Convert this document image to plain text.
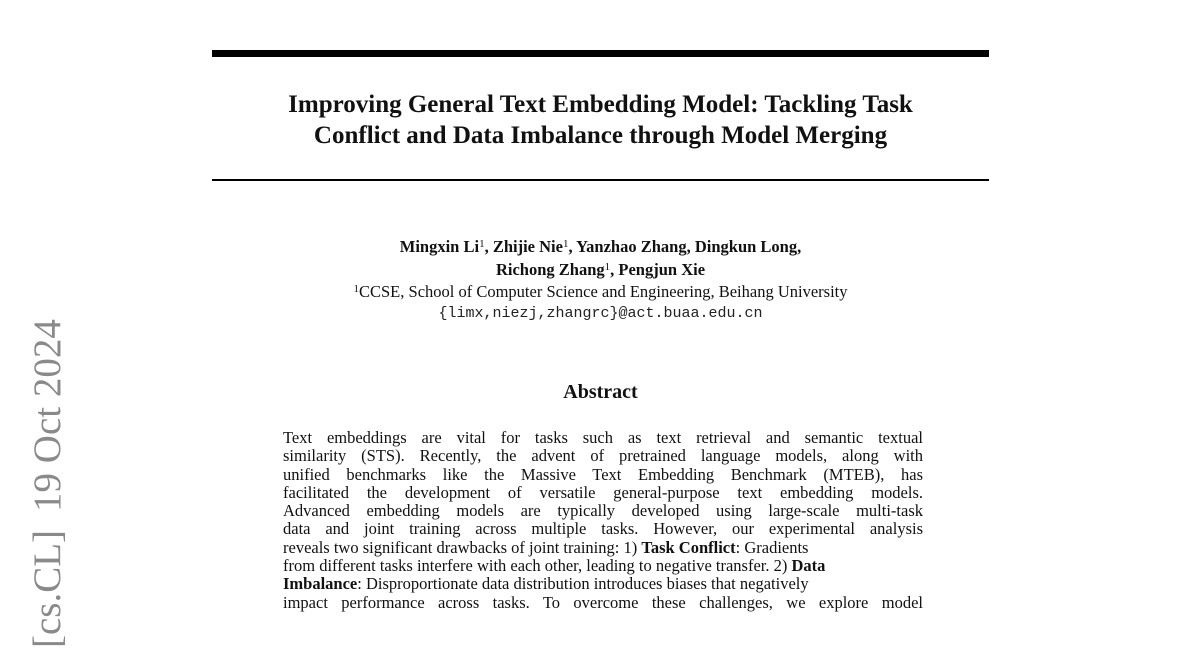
[cs.CL]19 Oct 2024
Improving General Text Embedding Model: Tackling Task
Conflict and Data Imbalance through Model Merging
Mingxin Li$^1$, Zhijie Nie$^1$, Yanzhao Zhang, Dingkun Long,
Richong Zhang$^1$, Pengjun Xie
$^1$CCSE, School of Computer Science and Engineering, Beihang University
{limx,niezj,zhangrc}@act.buaa.edu.cn
Abstract
Text embeddings are vital for tasks such as text retrieval and semantic textual
similarity (STS). Recently, the advent of pretrained language models, along with
unified benchmarks like the Massive Text Embedding Benchmark (MTEB), has
facilitated the development of versatile general-purpose text embedding models.
Advanced embedding models are typically developed using large-scale multi-task
data and joint training across multiple tasks. However, our experimental analysis
reveals two significant drawbacks of joint training: 1) Task Conflict: Gradients
from different tasks interfere with each other, leading to negative transfer. 2) Data
Imbalance: Disproportionate data distribution introduces biases that negatively
impact performance across tasks. To overcome these challenges, we explore model
